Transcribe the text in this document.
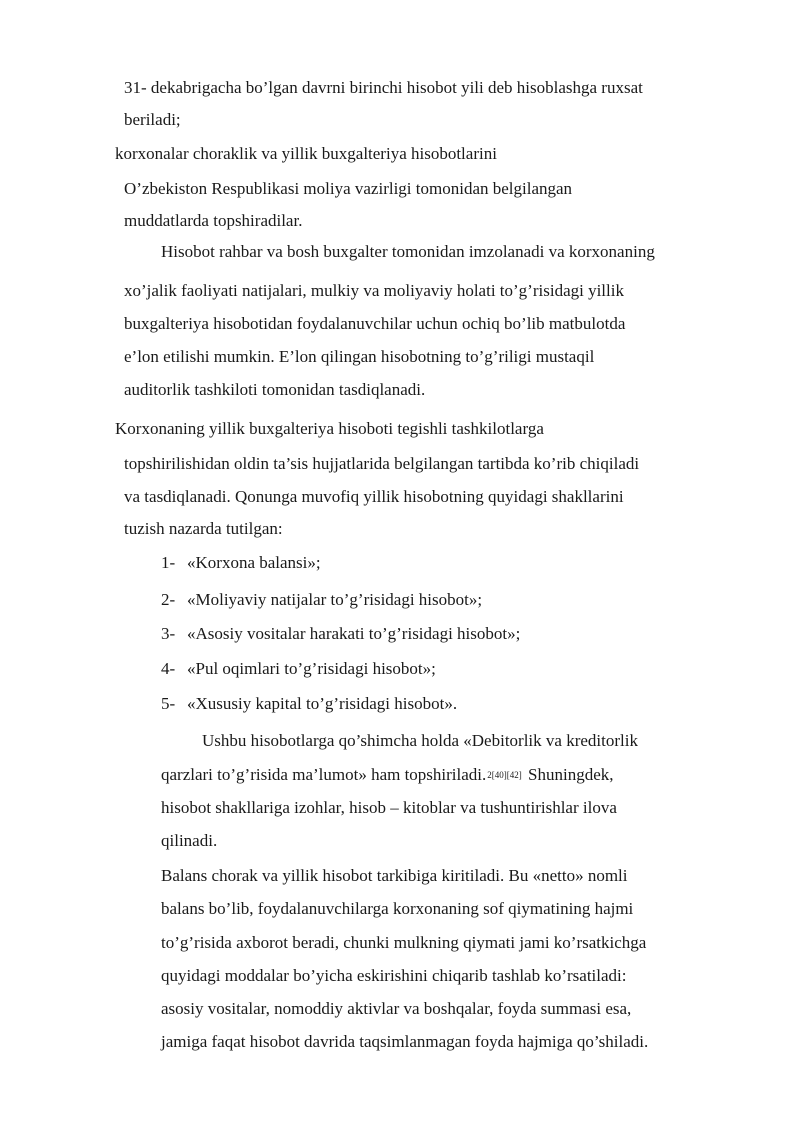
31- dekabrigacha bo’lgan davrni birinchi hisobot yili deb hisoblashga ruxsat
beriladi;
korxonalar choraklik va yillik buxgalteriya hisobotlarini
O’zbekiston Respublikasi moliya vazirligi tomonidan belgilangan
muddatlarda topshiradilar.
Hisobot rahbar va bosh buxgalter tomonidan imzolanadi va korxonaning
xo’jalik faoliyati natijalari, mulkiy va moliyaviy holati to’g’risidagi yillik
buxgalteriya hisobotidan foydalanuvchilar uchun ochiq bo’lib matbulotda
e’lon etilishi mumkin. E’lon qilingan hisobotning to’g’riligi mustaqil
auditorlik tashkiloti tomonidan tasdiqlanadi.
Korxonaning yillik buxgalteriya hisoboti tegishli tashkilotlarga
topshirilishidan oldin ta’sis hujjatlarida belgilangan tartibda ko’rib chiqiladi
va tasdiqlanadi. Qonunga muvofiq yillik hisobotning quyidagi shakllarini
tuzish nazarda tutilgan:
1- «Korxona balansi»;
2- «Moliyaviy natijalar to’g’risidagi hisobot»;
3- «Asosiy vositalar harakati to’g’risidagi hisobot»;
4- «Pul oqimlari to’g’risidagi hisobot»;
5- «Xususiy kapital to’g’risidagi hisobot».
Ushbu hisobotlarga qo’shimcha holda «Debitorlik va kreditorlik
qarzlari to’g’risida ma’lumot» ham topshiriladi.$^{2[40][42]}$ Shuningdek,
hisobot shakllariga izohlar, hisob – kitoblar va tushuntirishlar ilova
qilinadi.
Balans chorak va yillik hisobot tarkibiga kiritiladi. Bu «netto» nomli
balans bo’lib, foydalanuvchilarga korxonaning sof qiymatining hajmi
to’g’risida axborot beradi, chunki mulkning qiymati jami ko’rsatkichga
quyidagi moddalar bo’yicha eskirishini chiqarib tashlab ko’rsatiladi:
asosiy vositalar, nomoddiy aktivlar va boshqalar, foyda summasi esa,
jamiga faqat hisobot davrida taqsimlanmagan foyda hajmiga qo’shiladi.
